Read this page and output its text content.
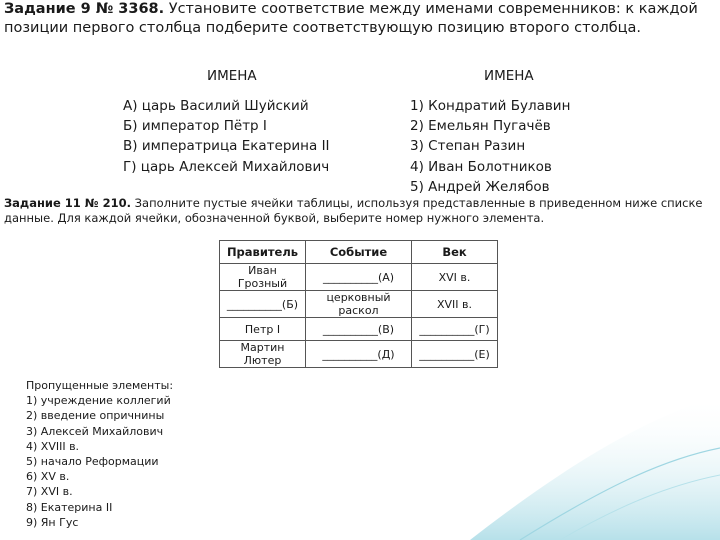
Задание 9 № 3368. Установите соответствие между именами современников: к каждой позиции первого столбца подберите соответствующую позицию второго столбца.
ИМЕНА	ИМЕНА
А) царь Василий Шуйский
Б) император Пётр I
В) императрица Екатерина II
Г) царь Алексей Михайлович
1) Кондратий Булавин
2) Емельян Пугачёв
3) Степан Разин
4) Иван Болотников
5) Андрей Желябов
Задание 11 № 210. Заполните пустые ячейки таблицы, используя представленные в приведенном ниже списке данные. Для каждой ячейки, обозначенной буквой, выберите номер нужного элемента.
Правитель	Событие	Век
Иван Грозный	__________(А)	XVI в.
__________(Б)	церковный раскол	XVII в.
Петр I	__________(В)	__________(Г)
Мартин Лютер	__________(Д)	__________(Е)
Пропущенные элементы:
1) учреждение коллегий
2) введение опричнины
3) Алексей Михайлович
4) XVIII в.
5) начало Реформации
6) XV в.
7) XVI в.
8) Екатерина II
9) Ян Гус
